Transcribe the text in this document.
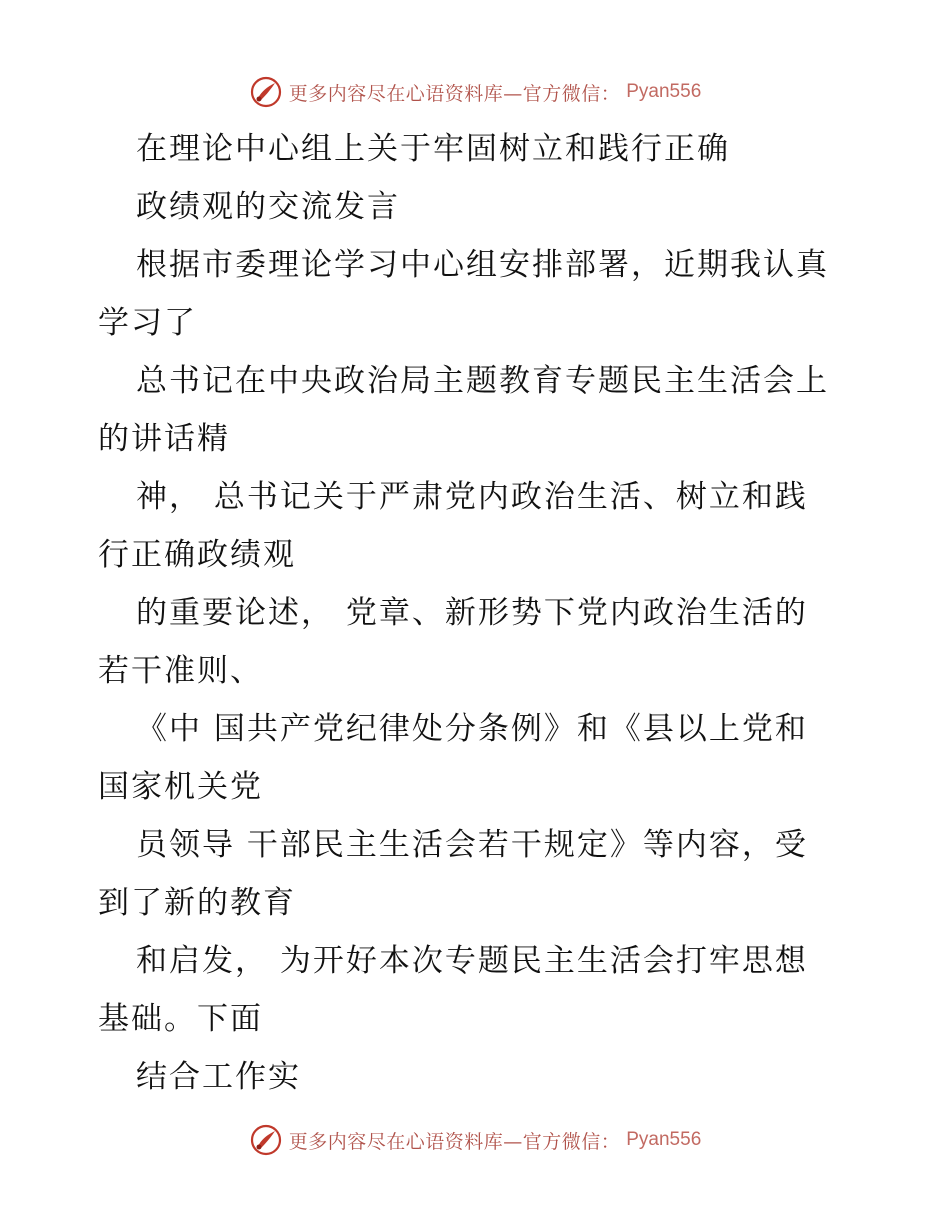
更多内容尽在心语资料库—官方微信： Pyan556
在理论中心组上关于牢固树立和践行正确
政绩观的交流发言
根据市委理论学习中心组安排部署，近期我认真
学习了
总书记在中央政治局主题教育专题民主生活会上
的讲话精
神， 总书记关于严肃党内政治生活、树立和践
行正确政绩观
的重要论述， 党章、新形势下党内政治生活的
若干准则、
《中 国共产党纪律处分条例》和《县以上党和
国家机关党
员领导 干部民主生活会若干规定》等内容，受
到了新的教育
和启发， 为开好本次专题民主生活会打牢思想
基础。下面
结合工作实
更多内容尽在心语资料库—官方微信： Pyan556
